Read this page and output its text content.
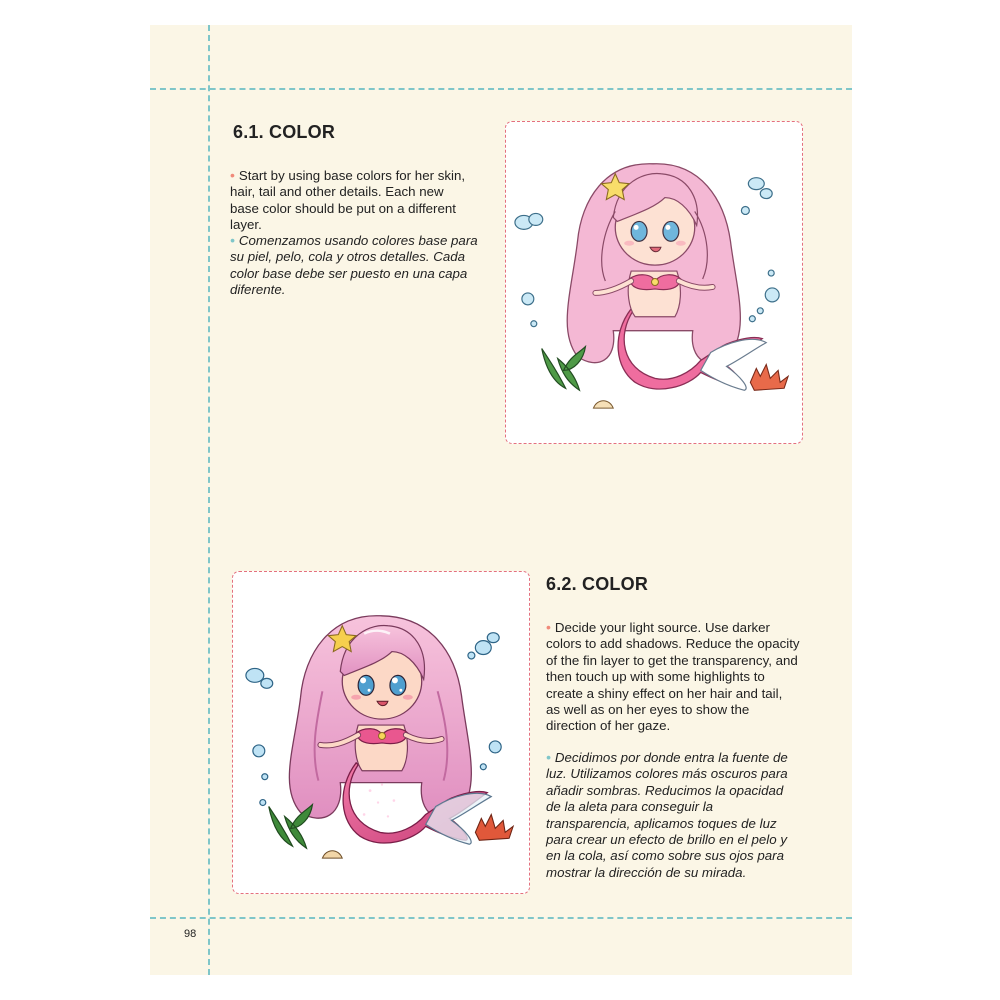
6.1. COLOR

• Start by using base colors for her skin, hair, tail and other details. Each new base color should be put on a different layer.

• Comenzamos usando colores base para su piel, pelo, cola y otros detalles. Cada color base debe ser puesto en una capa diferente.

6.2. COLOR

• Decide your light source. Use darker colors to add shadows. Reduce the opacity of the fin layer to get the transparency, and then touch up with some highlights to create a shiny effect on her hair and tail, as well as on her eyes to show the direction of her gaze.

• Decidimos por donde entra la fuente de luz. Utilizamos colores más oscuros para añadir sombras. Reducimos la opacidad de la aleta para conseguir la transparencia, aplicamos toques de luz para crear un efecto de brillo en el pelo y en la cola, así como sobre sus ojos para mostrar la dirección de su mirada.

98
